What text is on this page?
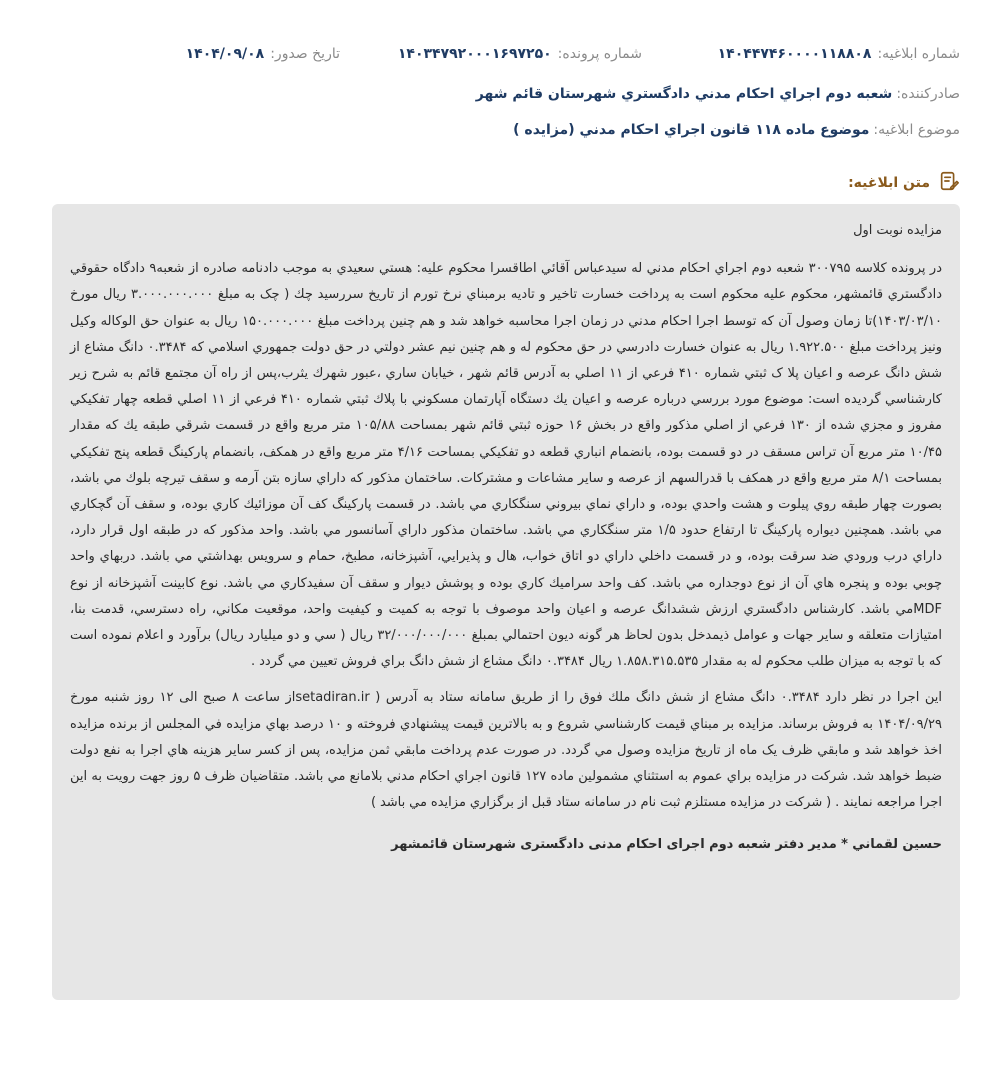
شماره ابلاغيه:۱۴۰۴۴۷۴۶۰۰۰۰۱۱۸۸۰۸
شماره پرونده:۱۴۰۳۴۷۹۲۰۰۰۱۶۹۷۲۵۰
تاریخ صدور:۱۴۰۴/۰۹/۰۸
صادرکننده:شعبه دوم اجراي احكام مدني دادگستري شهرستان قائم شهر
موضوع ابلاغیه:موضوع ماده ۱۱۸ قانون اجراي احكام مدني (مزايده )
متن ابلاغیه:

مزایده نوبت اول

در پرونده كلاسه ۳۰۰۷۹۵ شعبه دوم اجراي احكام مدني له سیدعباس آقائي اطاقسرا محكوم عليه: هستي سعيدي به موجب دادنامه صادره از شعبه۹ دادگاه حقوقي دادگستري قائمشهر، محكوم عليه محكوم است به پرداخت خسارت تاخير و تاديه برمبناي نرخ تورم از تاريخ سررسيد چك ( چک به مبلغ ۳.۰۰۰.۰۰۰.۰۰۰ ريال مورخ ۱۴۰۳/۰۳/۱۰)تا زمان وصول آن كه توسط اجرا احكام مدني در زمان اجرا محاسبه خواهد شد و هم چنين پرداخت مبلغ ۱۵۰.۰۰۰.۰۰۰ ريال به عنوان حق الوكاله وكيل ونيز پرداخت مبلغ ۱.۹۲۲.۵۰۰ ريال به عنوان خسارت دادرسي در حق محكوم له و هم چنين نيم عشر دولتي در حق دولت جمهوري اسلامي كه ۰.۳۴۸۴ دانگ مشاع از شش دانگ عرصه و اعيان پلا ک ثبتي شماره ۴۱۰ فرعي از ۱۱ اصلي به آدرس قائم شهر ، خيابان ساري ،عبور شهرك يثرب،پس از راه آن مجتمع قائم به شرح زير كارشناسي گرديده است: موضوع مورد بررسي درباره عرصه و اعيان يك دستگاه آپارتمان مسكوني با پلاك ثبتي شماره ۴۱۰ فرعي از ۱۱ اصلي قطعه چهار تفكيكي مفروز و مجزي شده از ۱۳۰ فرعي از اصلي مذكور واقع در بخش ۱۶ حوزه ثبتي قائم شهر بمساحت ۱۰۵/۸۸ متر مربع واقع در قسمت شرقي طبقه يك كه مقدار ۱۰/۴۵ متر مربع آن تراس مسقف در دو قسمت بوده، بانضمام انباري قطعه دو تفكيكي بمساحت ۴/۱۶ متر مربع واقع در همكف، بانضمام پاركينگ قطعه پنج تفكيكي بمساحت ۸/۱ متر مربع واقع در همكف با قدرالسهم از عرصه و ساير مشاعات و مشتركات. ساختمان مذكور كه داراي سازه بتن آرمه و سقف تيرچه بلوك مي باشد، بصورت چهار طبقه روي پيلوت و هشت واحدي بوده، و داراي نماي بيروني سنگكاري مي باشد. در قسمت پاركينگ كف آن موزائيك كاري بوده، و سقف آن گچكاري مي باشد. همچنين ديواره پاركينگ تا ارتفاع حدود ۱/۵ متر سنگكاري مي باشد. ساختمان مذكور داراي آسانسور مي باشد. واحد مذكور كه در طبقه اول قرار دارد، داراي درب ورودي ضد سرقت بوده، و در قسمت داخلي داراي دو اتاق خواب، هال و پذيرايي، آشپزخانه، مطبخ، حمام و سرويس بهداشتي مي باشد. دربهاي واحد چوبي بوده و پنجره هاي آن از نوع دوجداره مي باشد. كف واحد سراميك كاري بوده و پوشش ديوار و سقف آن سفيدكاري مي باشد. نوع كابينت آشپزخانه از نوع MDFمي باشد. كارشناس دادگستري ارزش ششدانگ عرصه و اعيان واحد موصوف با توجه به كميت و كيفيت واحد، موقعيت مكاني، راه دسترسي، قدمت بنا، امتيازات متعلقه و ساير جهات و عوامل ذيمدخل بدون لحاظ هر گونه ديون احتمالي بمبلغ ۳۲/۰۰۰/۰۰۰/۰۰۰ ريال ( سي و دو ميليارد ريال) برآورد و اعلام نموده است كه با توجه به ميزان طلب محكوم له به مقدار ۱.۸۵۸.۳۱۵.۵۳۵ ريال ۰.۳۴۸۴ دانگ مشاع از شش دانگ براي فروش تعيين مي گردد .

اين اجرا در نظر دارد ۰.۳۴۸۴ دانگ مشاع از شش دانگ ملك فوق را از طريق سامانه ستاد به آدرس ( setadiran.irاز ساعت ۸ صبح الی ۱۲ روز شنبه مورخ ۱۴۰۴/۰۹/۲۹ به فروش برساند. مزايده بر مبناي قيمت كارشناسي شروع و به بالاترين قيمت پيشنهادي فروخته و ۱۰ درصد بهاي مزايده في المجلس از برنده مزايده اخذ خواهد شد و مابقي ظرف يک ماه از تاريخ مزايده وصول مي گردد. در صورت عدم پرداخت مابقي ثمن مزايده، پس از كسر ساير هزينه هاي اجرا به نفع دولت ضبط خواهد شد. شركت در مزايده براي عموم به استثناي مشمولين ماده ۱۲۷ قانون اجراي احكام مدني بلامانع مي باشد. متقاضيان ظرف ۵ روز جهت رويت به اين اجرا مراجعه نمايند . ( شركت در مزايده مستلزم ثبت نام در سامانه ستاد قبل از برگزاري مزايده مي باشد )

حسين لقماني * مدير دفتر شعبه دوم اجرای احکام مدنی دادگستری شهرستان قائمشهر
